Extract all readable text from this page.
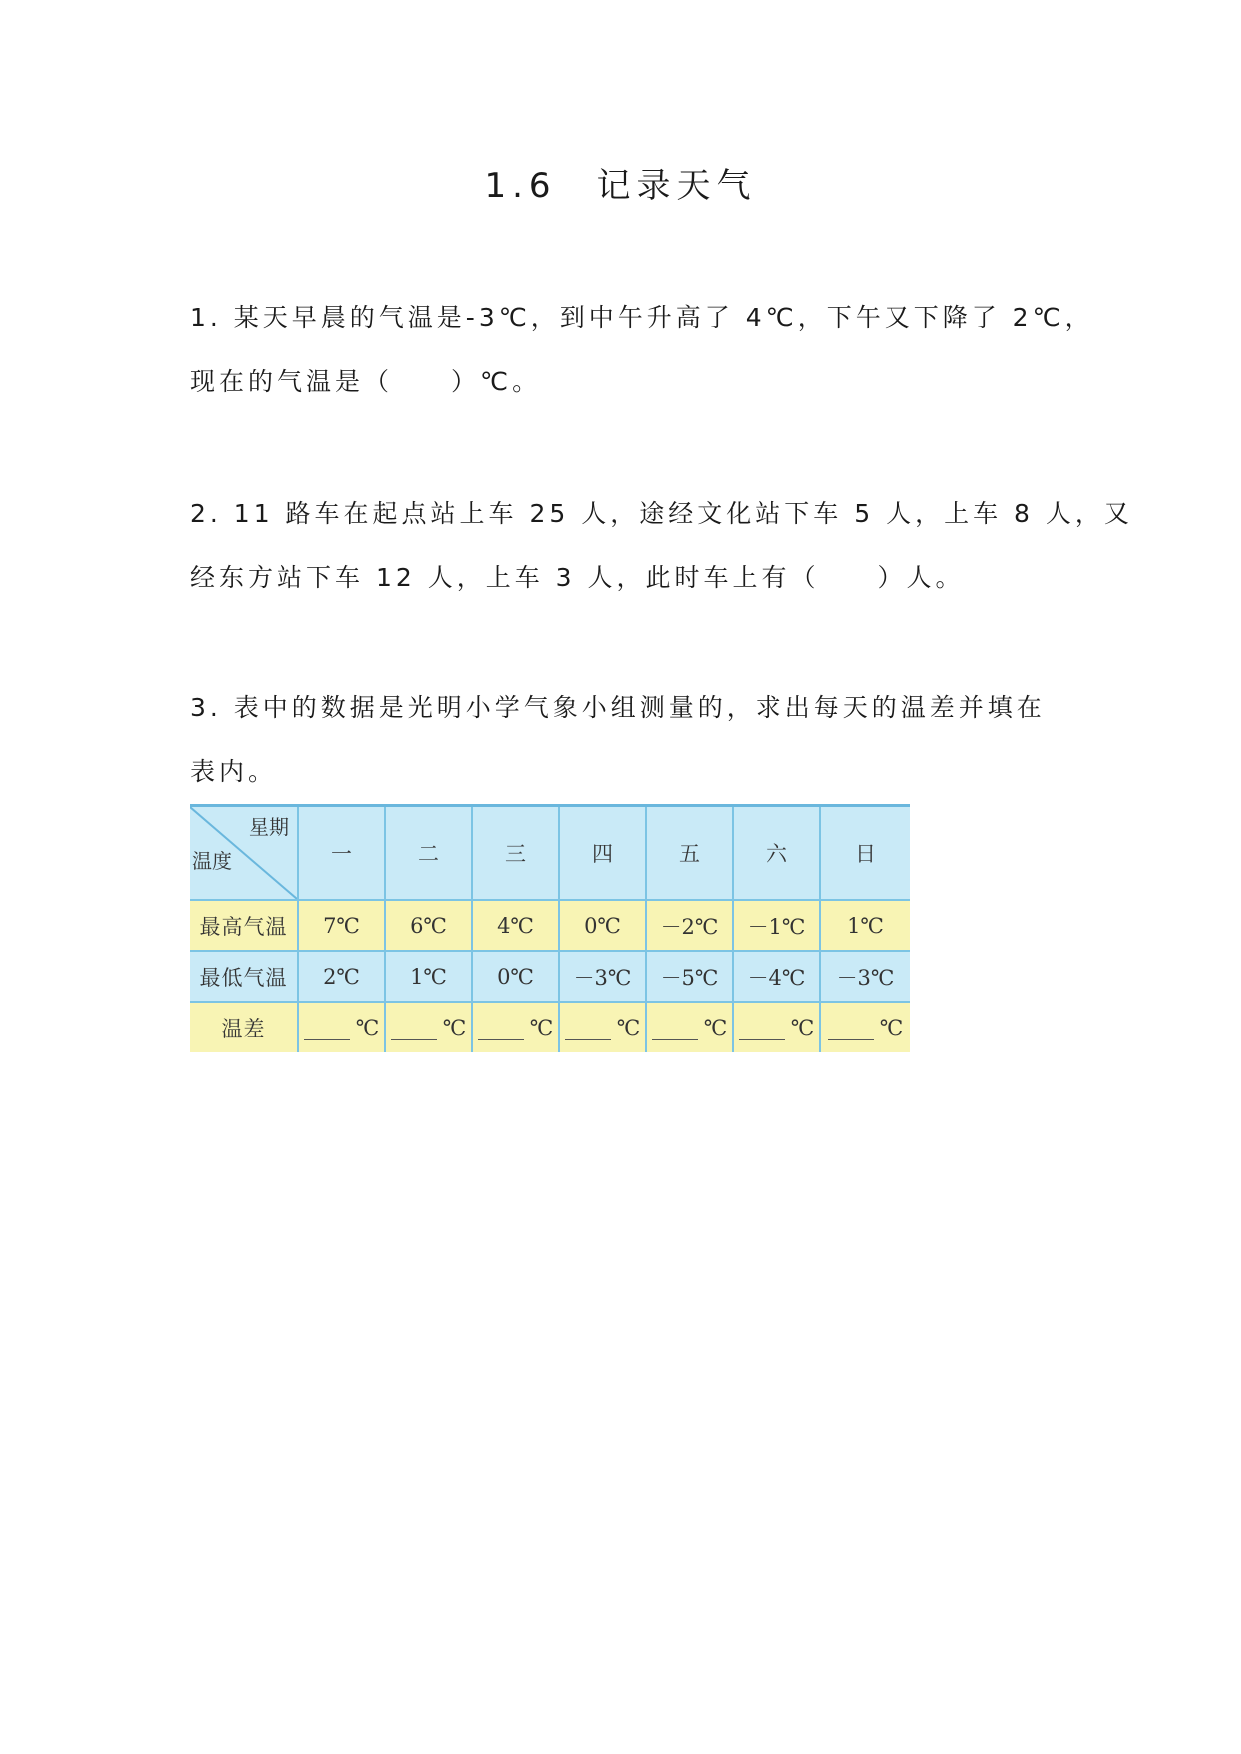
1.6　记录天气
1. 某天早晨的气温是-3℃，到中午升高了 4℃，下午又下降了 2℃，
现在的气温是（　　）℃。
2. 11 路车在起点站上车 25 人，途经文化站下车 5 人，上车 8 人，又
经东方站下车 12 人，上车 3 人，此时车上有（　　）人。
3. 表中的数据是光明小学气象小组测量的，求出每天的温差并填在
表内。
星期
温度	一	二	三	四	五	六	日
最高气温	7℃	6℃	4℃	0℃	－2℃	－1℃	1℃
最低气温	2℃	1℃	0℃	－3℃	－5℃	－4℃	－3℃
温差	℃	℃	℃	℃	℃	℃	℃
